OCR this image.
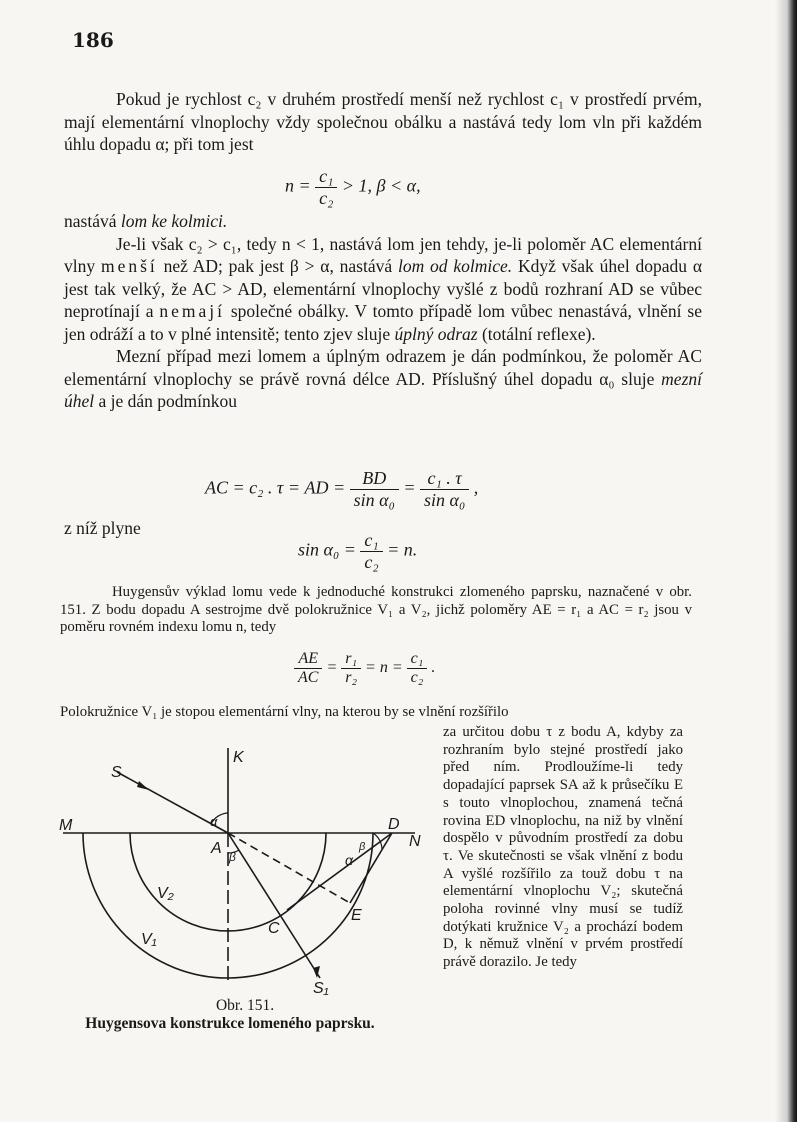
186

Pokud je rychlost c₂ v druhém prostředí menší než rychlost c₁ v prostředí prvém, mají elementární vlnoplochy vždy společnou obálku a nastává tedy lom vln při každém úhlu dopadu α; při tom jest

$n = \frac{\text{c₁}}{\text{c₂}} > 1$, β < α,

nastává lom ke kolmici.

Je-li však c₂ > c₁, tedy n < 1, nastává lom jen tehdy, je-li poloměr AC elementární vlny menší než AD; pak jest β > α, nastává lom od kolmice. Když však úhel dopadu α jest tak velký, že AC > AD, elementární vlnoplochy vyšlé z bodů rozhraní AD se vůbec neprotínají a nemají společné obálky. V tomto případě lom vůbec nenastává, vlnění se jen odráží a to v plné intensitě; tento zjev sluje úplný odraz (totální reflexe).

Mezní případ mezi lomem a úplným odrazem je dán podmínkou, že poloměr AC elementární vlnoplochy se právě rovná délce AD. Příslušný úhel dopadu α₀ sluje mezní úhel a je dán podmínkou

AC = c₂ . τ = AD = $\frac{BD}{\text{sin α₀}} = \frac{\text{c₁ . τ}}{\text{sin α₀}}$ ,
z níž plyne
$\sin \alpha_0 = \frac{\text{c₁}}{\text{c₂}} = n$.

Huygensův výklad lomu vede k jednoduché konstrukci zlomeného paprsku, naznačené v obr. 151. Z bodu dopadu A sestrojme dvě polokružnice V₁ a V₂, jichž poloměry AE = r₁ a AC = r₂ jsou v poměru rovném indexu lomu n, tedy

$\frac{AE}{AC} = \frac{\text{r₁}}{\text{r₂}} = n = \frac{\text{c₁}}{\text{c₂}}$ .
Polokružnice V₁ je stopou elementární vlny, na kterou by se vlnění rozšířilo
za určitou dobu τ z bodu A, kdyby za rozhraním bylo stejné prostředí jako před ním. Prodloužíme-li tedy dopadající paprsek SA až k průsečíku E s touto vlnoplochou, znamená tečná rovina ED vlnoplochu, na niž by vlnění dospělo v původním prostředí za dobu τ. Ve skutečnosti se však vlnění z bodu A vyšlé rozšířilo za touž dobu τ na elementární vlnoplochu V₂; skutečná poloha rovinné vlny musí se tudíž dotýkati kružnice V₂ a prochází bodem D, k němuž vlnění v prvém prostředí právě dorazilo. Je tedy
S
K
M
N
D
A
V₂
V₁
C
E
S₁
α
β	α
β
Obr. 151.
Huygensova konstrukce lomeného paprsku.
